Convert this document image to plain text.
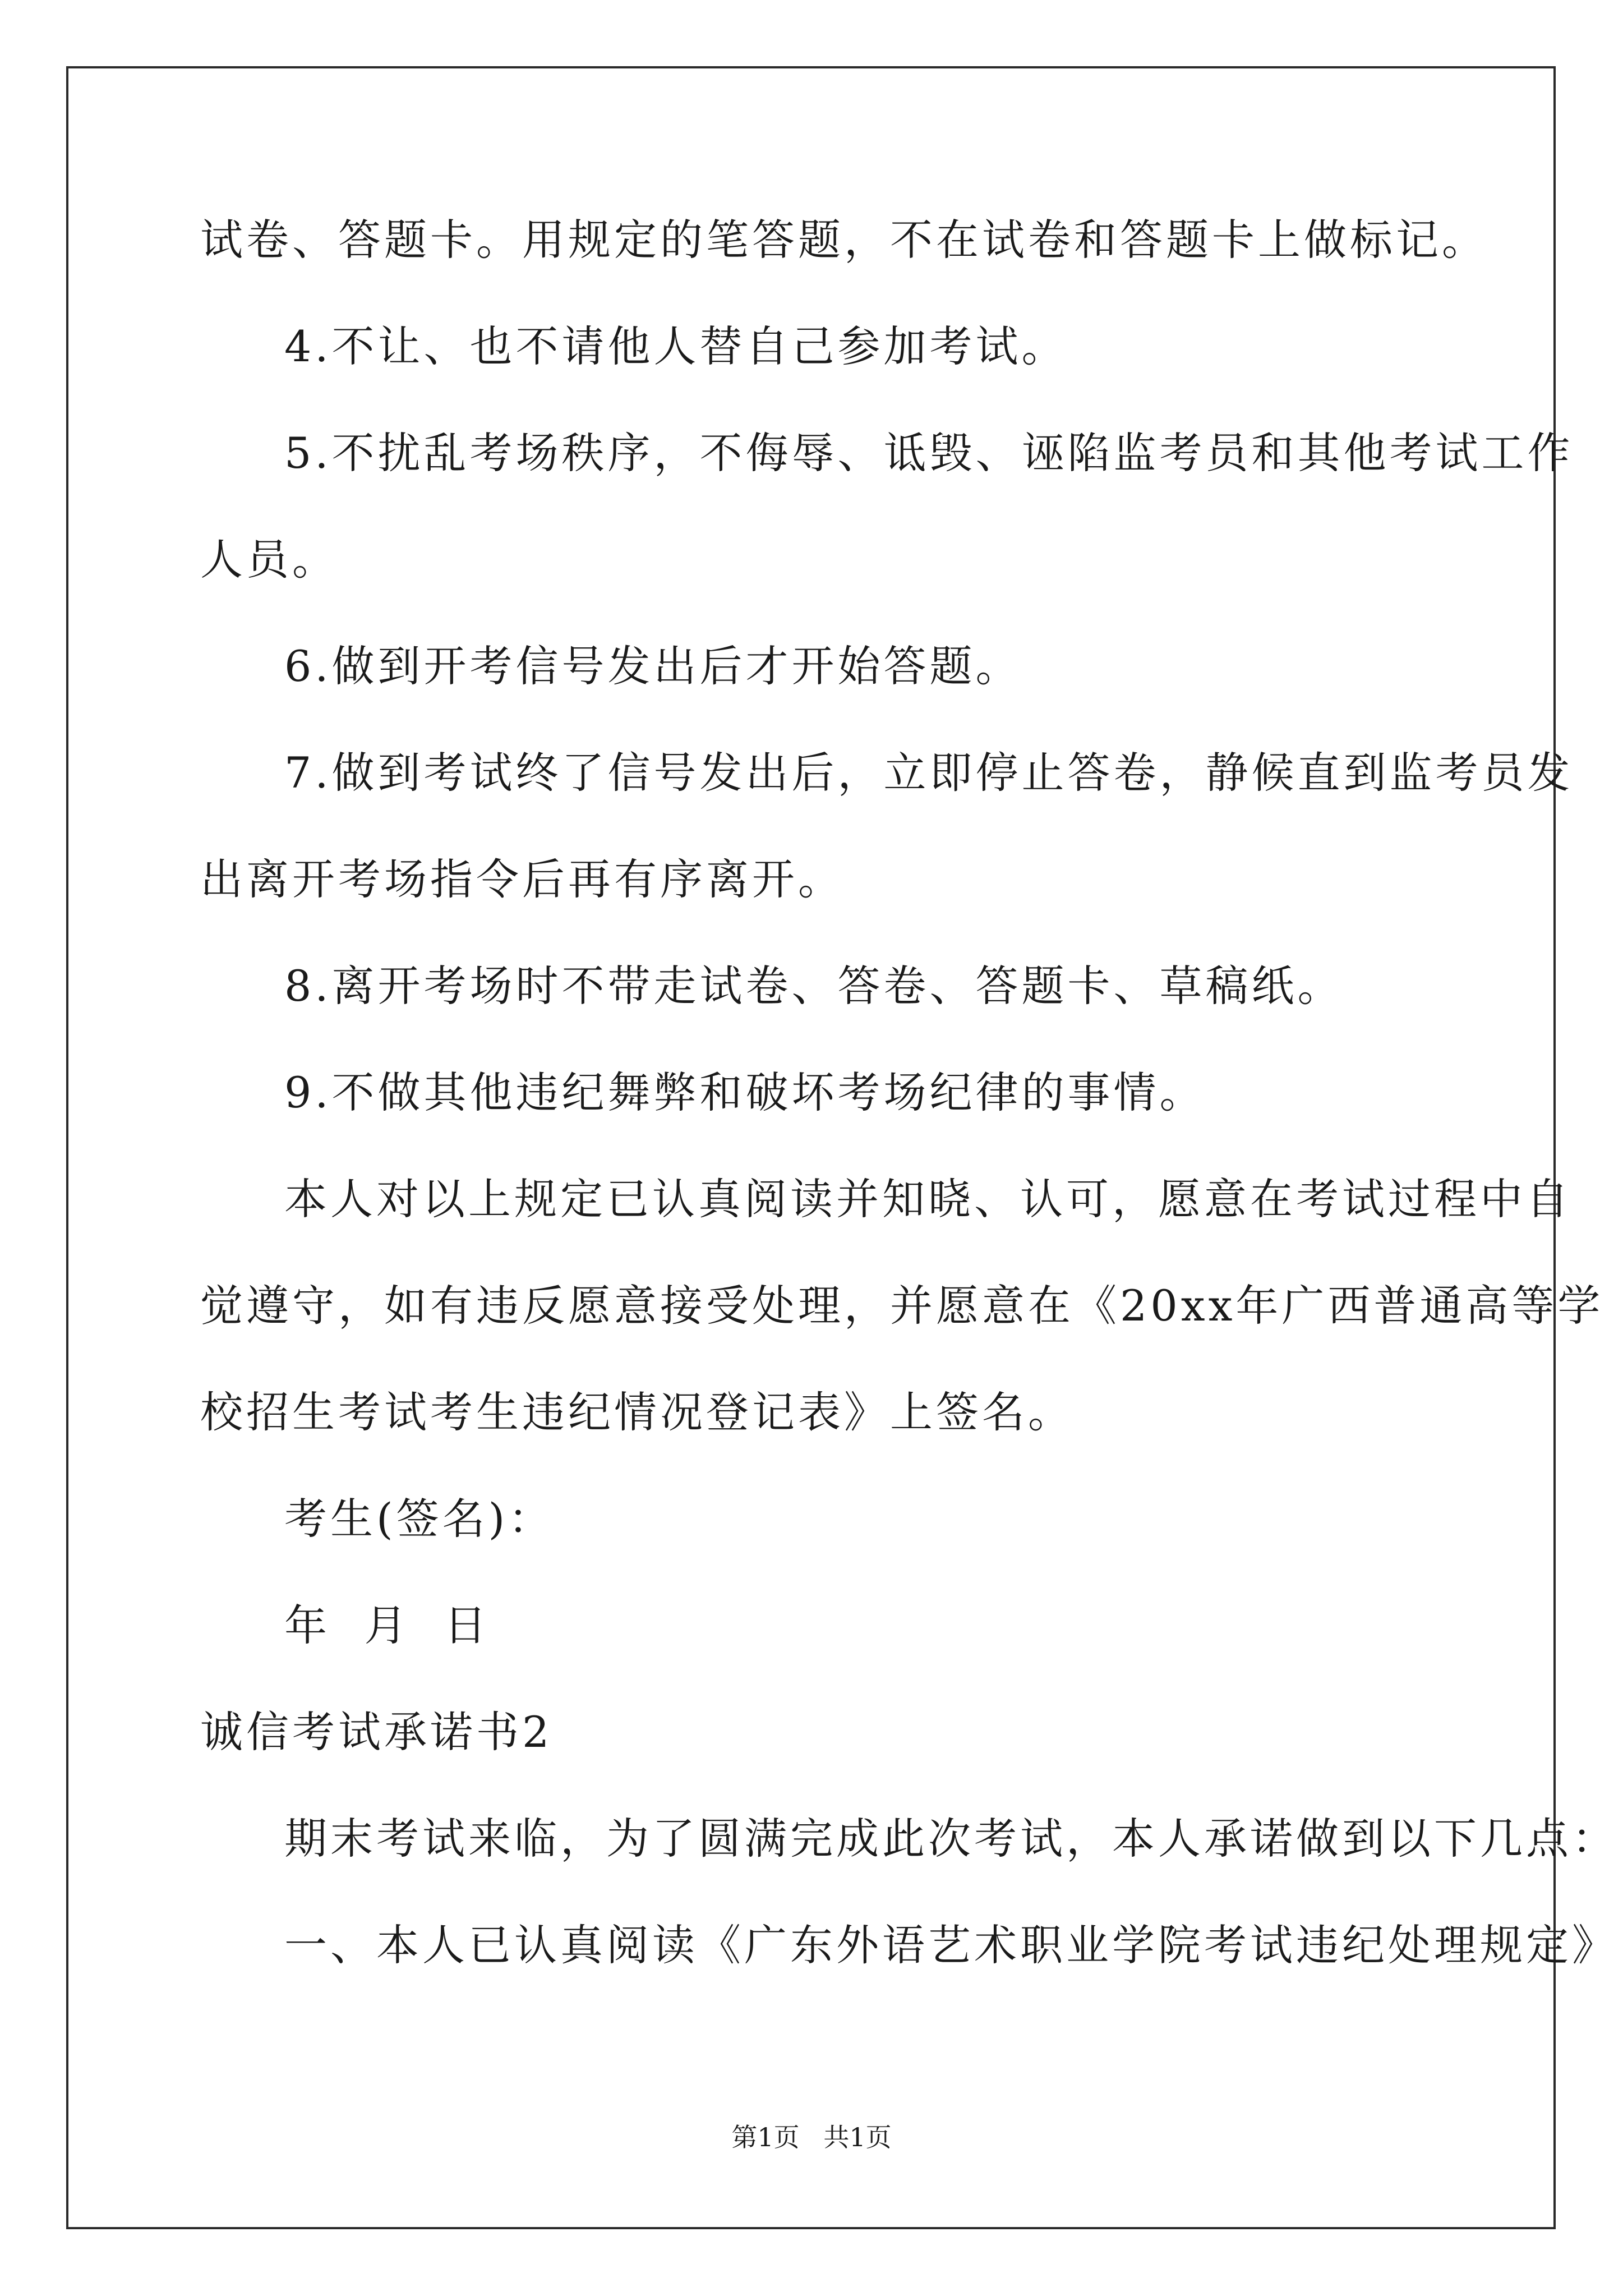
试卷、答题卡。用规定的笔答题，不在试卷和答题卡上做标记。
4.不让、也不请他人替自己参加考试。
5.不扰乱考场秩序，不侮辱、诋毁、诬陷监考员和其他考试工作
人员。
6.做到开考信号发出后才开始答题。
7.做到考试终了信号发出后，立即停止答卷，静候直到监考员发
出离开考场指令后再有序离开。
8.离开考场时不带走试卷、答卷、答题卡、草稿纸。
9.不做其他违纪舞弊和破坏考场纪律的事情。
本人对以上规定已认真阅读并知晓、认可，愿意在考试过程中自
觉遵守，如有违反愿意接受处理，并愿意在《20xx年广西普通高等学
校招生考试考生违纪情况登记表》上签名。
考生(签名)：
年  月  日
诚信考试承诺书2
期末考试来临，为了圆满完成此次考试，本人承诺做到以下几点：
一、本人已认真阅读《广东外语艺术职业学院考试违纪处理规定》
第1页 共1页
